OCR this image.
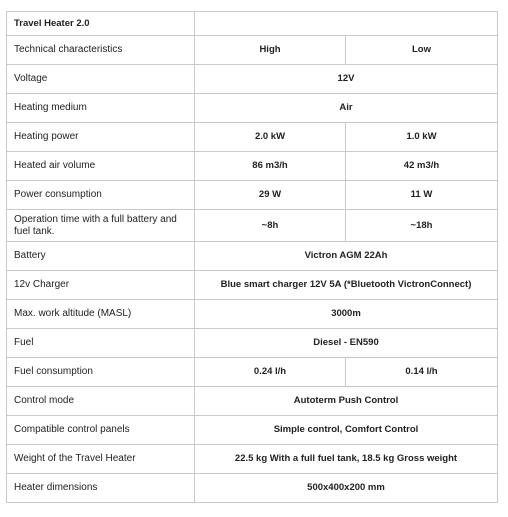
Travel Heater 2.0		
Technical characteristics	High	Low
Voltage	12V	
Heating medium	Air	
Heating power	2.0 kW	1.0 kW
Heated air volume	86 m3/h	42 m3/h
Power consumption	29 W	11 W
Operation time with a full battery and fuel tank.	~8h	~18h
Battery	Victron AGM 22Ah	
12v Charger	Blue smart charger 12V 5A (*Bluetooth VictronConnect)	
Max. work altitude (MASL)	3000m	
Fuel	Diesel - EN590	
Fuel consumption	0.24 l/h	0.14 l/h
Control mode	Autoterm Push Control	
Compatible control panels	Simple control, Comfort Control	
Weight of the Travel Heater	22.5 kg With a full fuel tank, 18.5 kg Gross weight	
Heater dimensions	500x400x200 mm	
